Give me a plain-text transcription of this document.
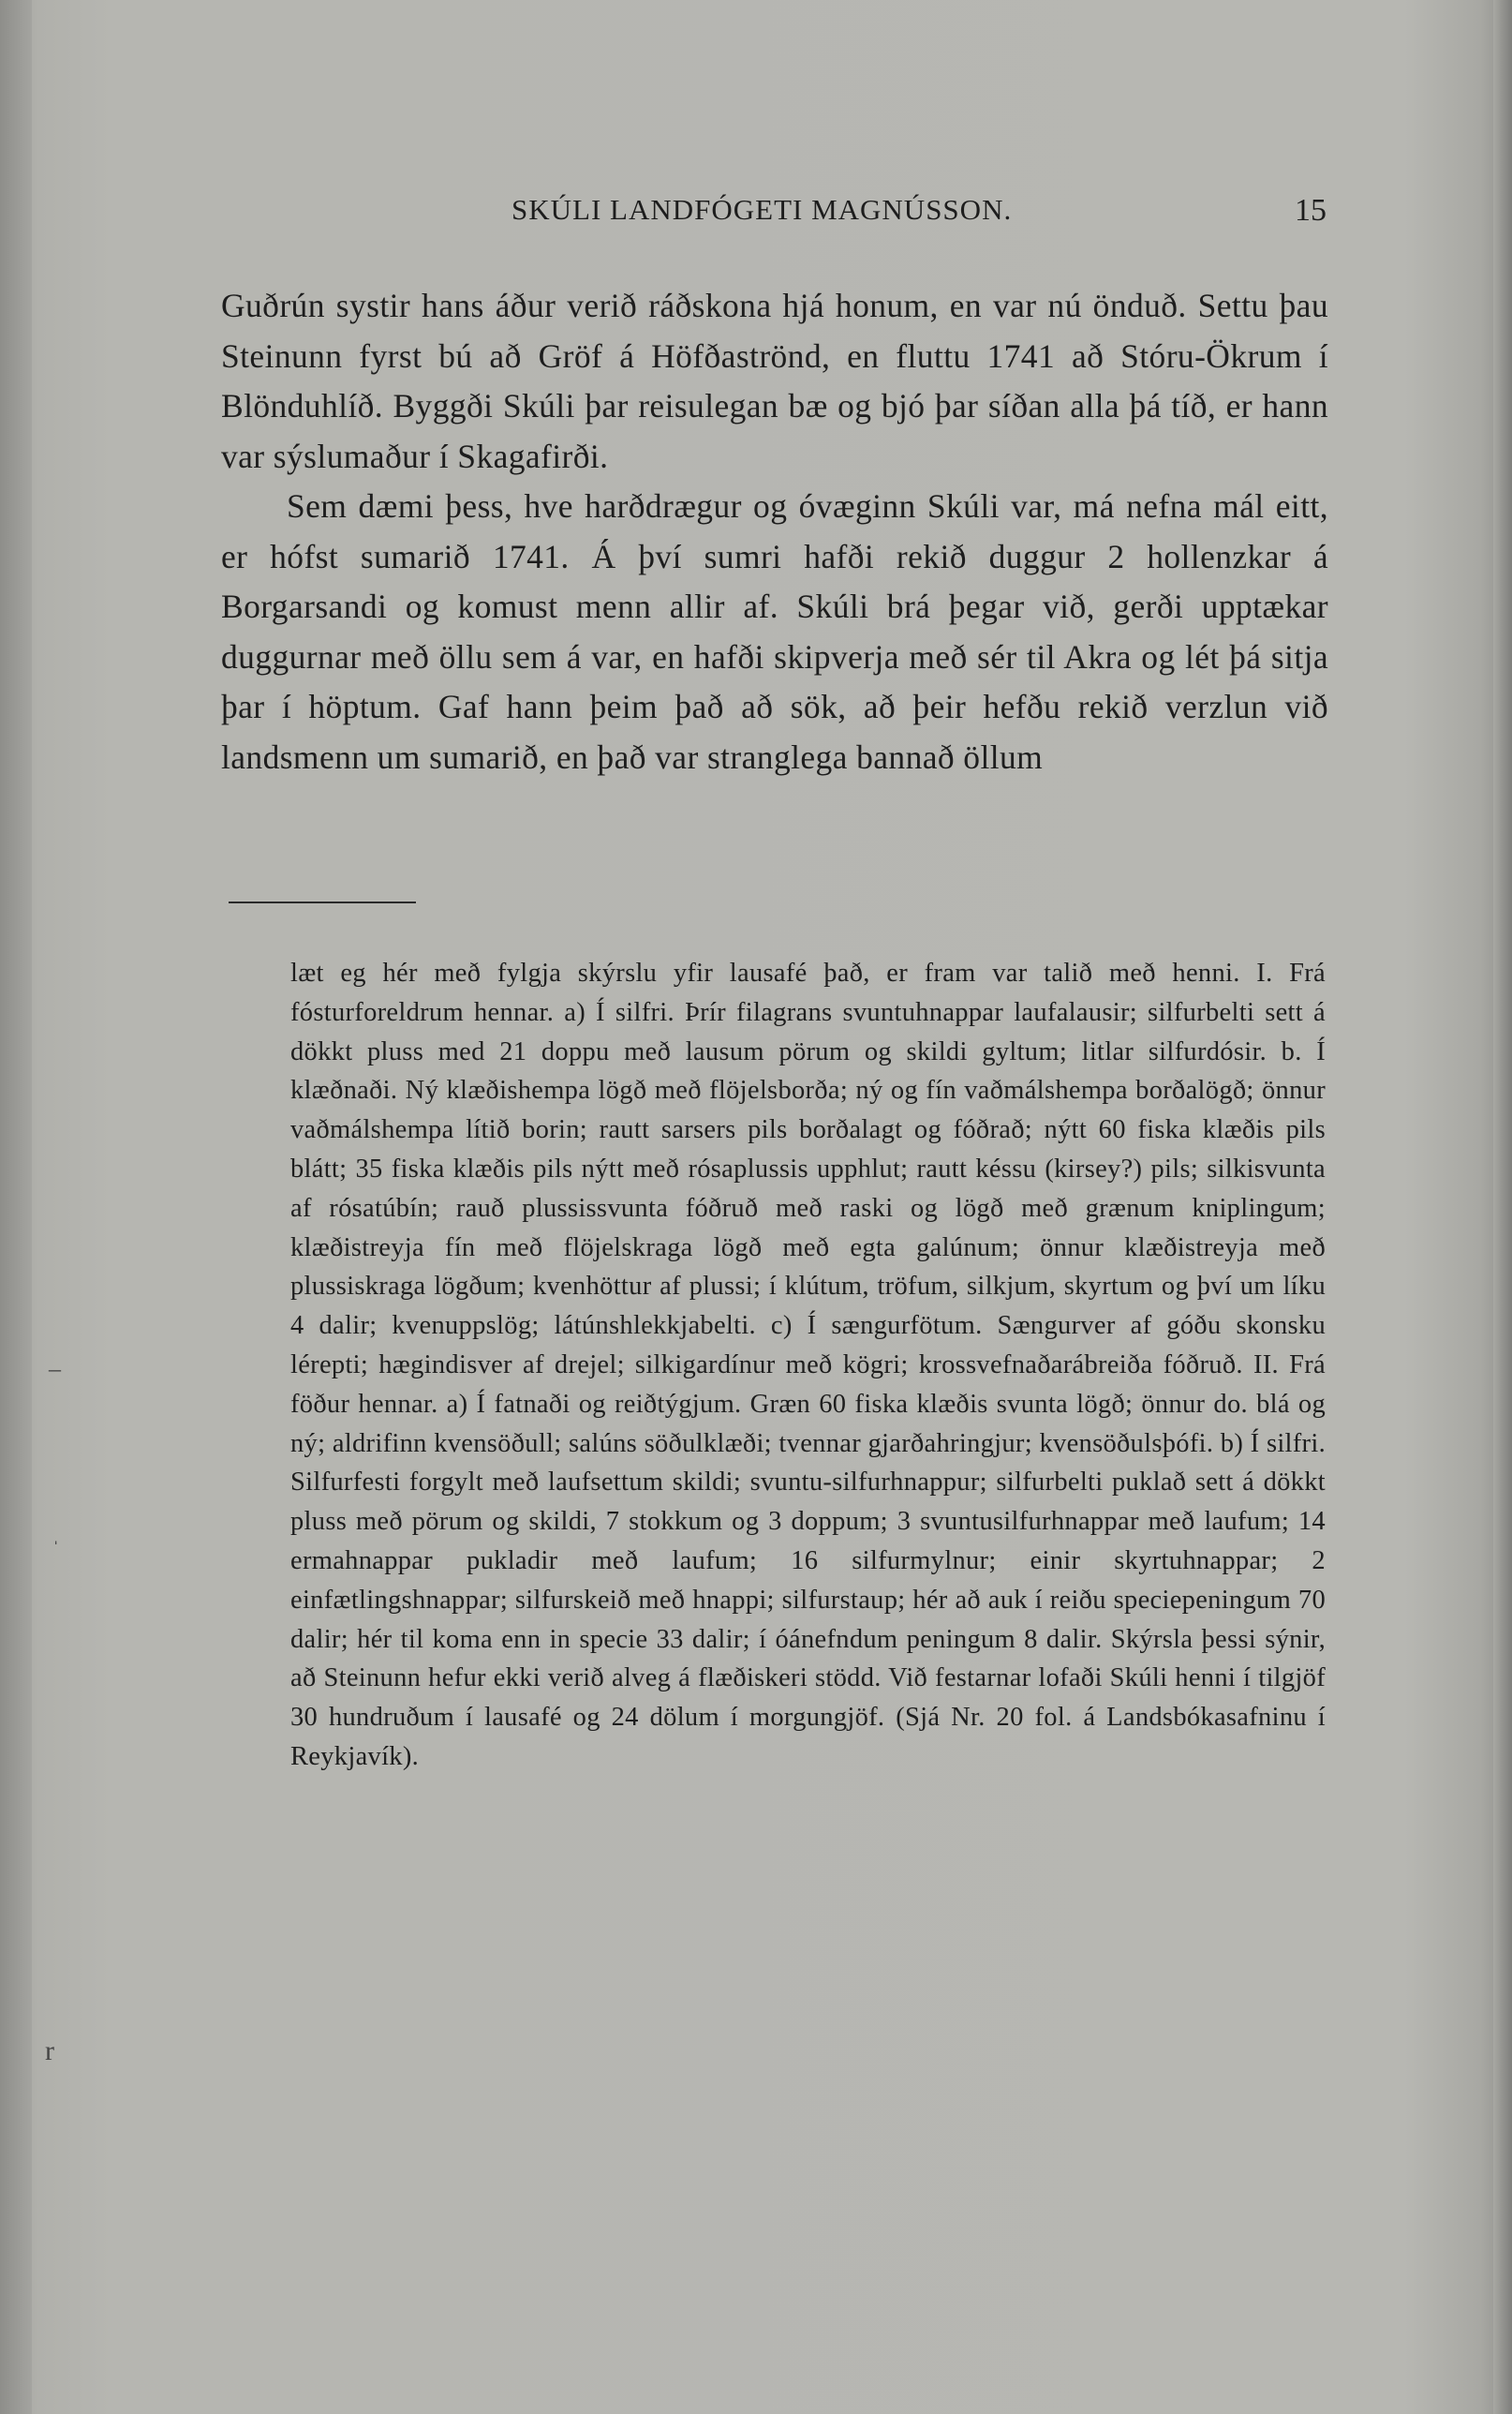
SKÚLI LANDFÓGETI MAGNÚSSON.	15

Guðrún systir hans áður verið ráðskona hjá honum, en var nú önduð. Settu þau Steinunn fyrst bú að Gröf á Höfðaströnd, en fluttu 1741 að Stóru-Ökrum í Blönduhlíð. Byggði Skúli þar reisulegan bæ og bjó þar síðan alla þá tíð, er hann var sýslumaður í Skagafirði.

Sem dæmi þess, hve harðdrægur og óvæginn Skúli var, má nefna mál eitt, er hófst sumarið 1741. Á því sumri hafði rekið duggur 2 hollenzkar á Borgarsandi og komust menn allir af. Skúli brá þegar við, gerði upptækar duggurnar með öllu sem á var, en hafði skipverja með sér til Akra og lét þá sitja þar í höptum. Gaf hann þeim það að sök, að þeir hefðu rekið verzlun við landsmenn um sumarið, en það var stranglega bannað öllum

læt eg hér með fylgja skýrslu yfir lausafé það, er fram var talið með henni. I. Frá fósturforeldrum hennar. a) Í silfri. Þrír filagrans svuntuhnappar laufalausir; silfurbelti sett á dökkt pluss med 21 doppu með lausum pörum og skildi gyltum; litlar silfurdósir. b. Í klæðnaði. Ný klæðishempa lögð með flöjelsborða; ný og fín vaðmálshempa borðalögð; önnur vaðmálshempa lítið borin; rautt sarsers pils borðalagt og fóðrað; nýtt 60 fiska klæðis pils blátt; 35 fiska klæðis pils nýtt með rósaplussis upphlut; rautt késsu (kirsey?) pils; silkisvunta af rósatúbín; rauð plussissvunta fóðruð með raski og lögð með grænum kniplingum; klæðistreyja fín með flöjelskraga lögð með egta galúnum; önnur klæðistreyja með plussiskraga lögðum; kvenhöttur af plussi; í klútum, tröfum, silkjum, skyrtum og því um líku 4 dalir; kvenuppslög; látúnshlekkjabelti. c) Í sængurfötum. Sængurver af góðu skonsku lérepti; hægindisver af drejel; silkigardínur með kögri; krossvefnaðarábreiða fóðruð. II. Frá föður hennar. a) Í fatnaði og reiðtýgjum. Græn 60 fiska klæðis svunta lögð; önnur do. blá og ný; aldrifinn kvensöðull; salúns söðulklæði; tvennar gjarðahringjur; kvensöðulsþófi. b) Í silfri. Silfurfesti forgylt með laufsettum skildi; svuntu-silfurhnappur; silfurbelti puklað sett á dökkt pluss með pörum og skildi, 7 stokkum og 3 doppum; 3 svuntusilfurhnappar með laufum; 14 ermahnappar pukladir með laufum; 16 silfurmylnur; einir skyrtuhnappar; 2 einfætlingshnappar; silfurskeið með hnappi; silfurstaup; hér að auk í reiðu speciepeningum 70 dalir; hér til koma enn in specie 33 dalir; í óánefndum peningum 8 dalir. Skýrsla þessi sýnir, að Steinunn hefur ekki verið alveg á flæðiskeri stödd. Við festarnar lofaði Skúli henni í tilgjöf 30 hundruðum í lausafé og 24 dölum í morgungjöf. (Sjá Nr. 20 fol. á Landsbókasafninu í Reykjavík).

–
ˈ
r
